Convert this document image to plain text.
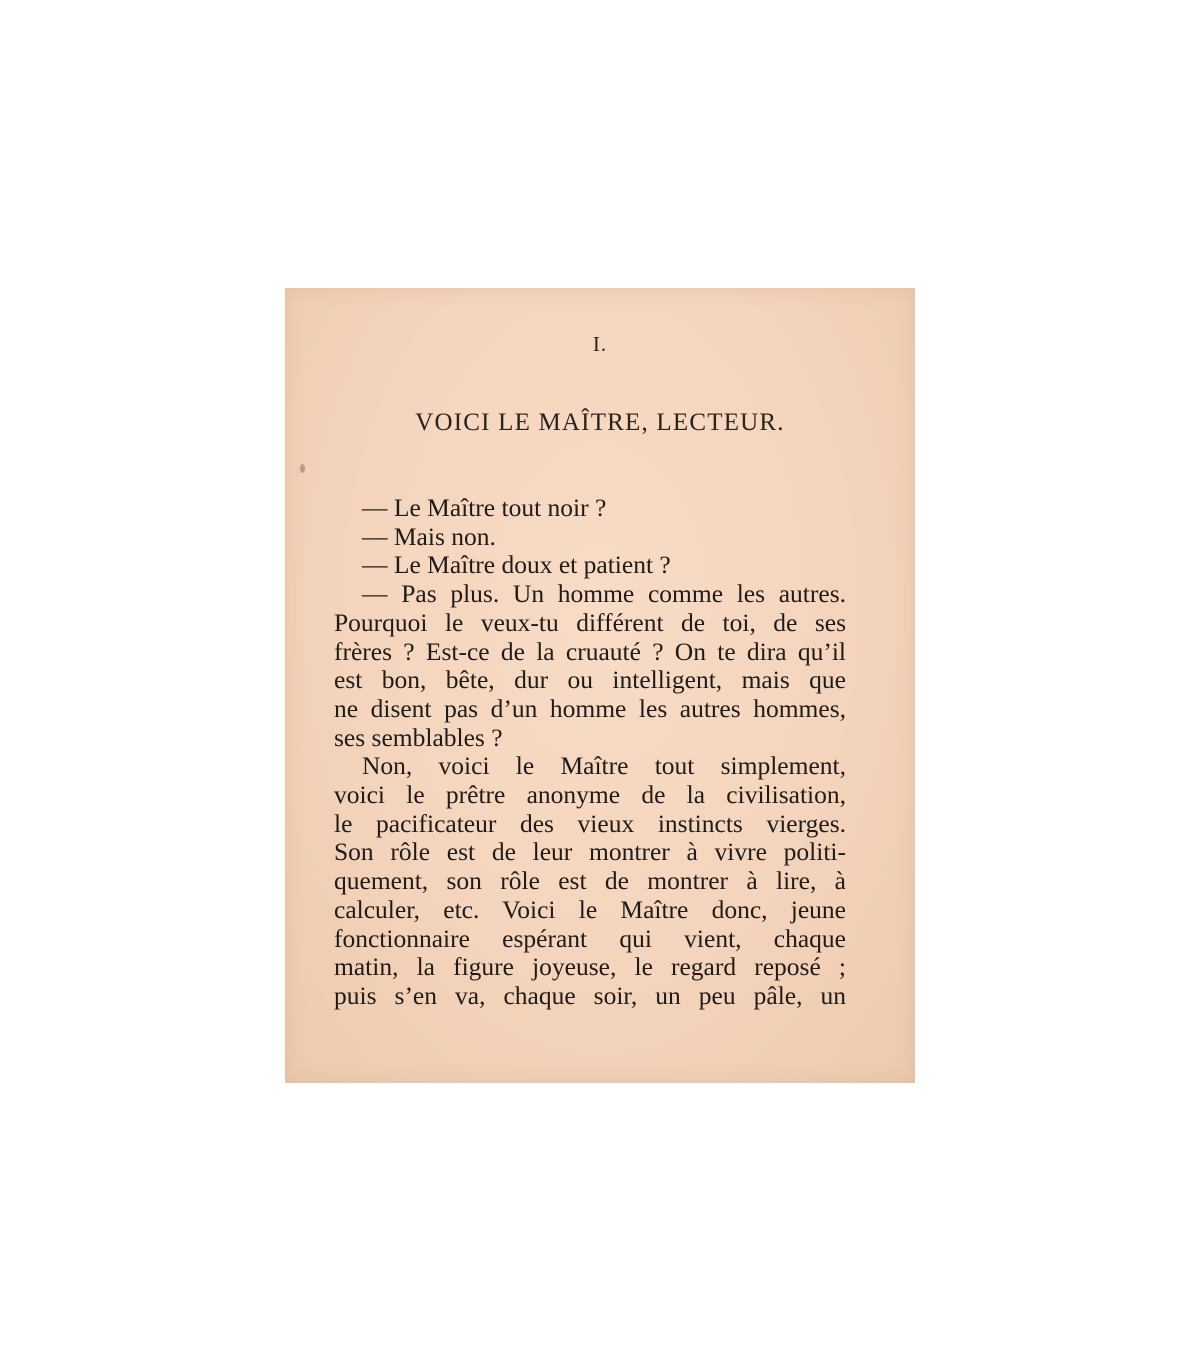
I.
VOICI LE MAÎTRE, LECTEUR.
— Le Maître tout noir ?
— Mais non.
— Le Maître doux et patient ?
— Pas plus. Un homme comme les autres.
Pourquoi le veux-tu différent de toi, de ses
frères ? Est-ce de la cruauté ? On te dira qu’il
est bon, bête, dur ou intelligent, mais que
ne disent pas d’un homme les autres hommes,
ses semblables ?
Non, voici le Maître tout simplement,
voici le prêtre anonyme de la civilisation,
le pacificateur des vieux instincts vierges.
Son rôle est de leur montrer à vivre politi-
quement, son rôle est de montrer à lire, à
calculer, etc. Voici le Maître donc, jeune
fonctionnaire espérant qui vient, chaque
matin, la figure joyeuse, le regard reposé ;
puis s’en va, chaque soir, un peu pâle, un
